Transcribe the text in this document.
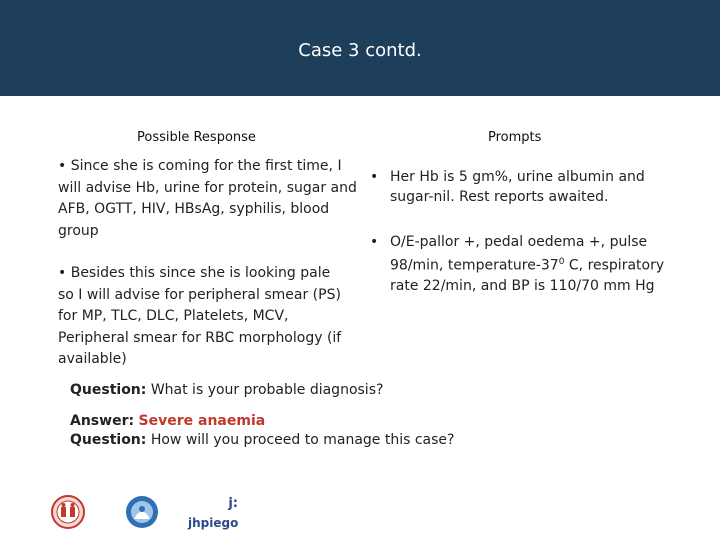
Case 3 contd.
Possible Response	Prompts
• Since she is coming for the first time, I will advise Hb, urine for protein, sugar and AFB, OGTT, HIV, HBsAg, syphilis, blood group
• Besides this since she is looking pale so I will advise for peripheral smear (PS) for MP, TLC, DLC, Platelets, MCV, Peripheral smear for RBC morphology (if available)
• Her Hb is 5 gm%, urine albumin and sugar-nil. Rest reports awaited.
• O/E-pallor +, pedal oedema +, pulse 98/min, temperature-$37^0$ C, respiratory rate 22/min, and BP is 110/70 mm Hg
Question: What is your probable diagnosis?
Answer: Severe anaemia
Question: How will you proceed to manage this case?
j:
jhpiego
